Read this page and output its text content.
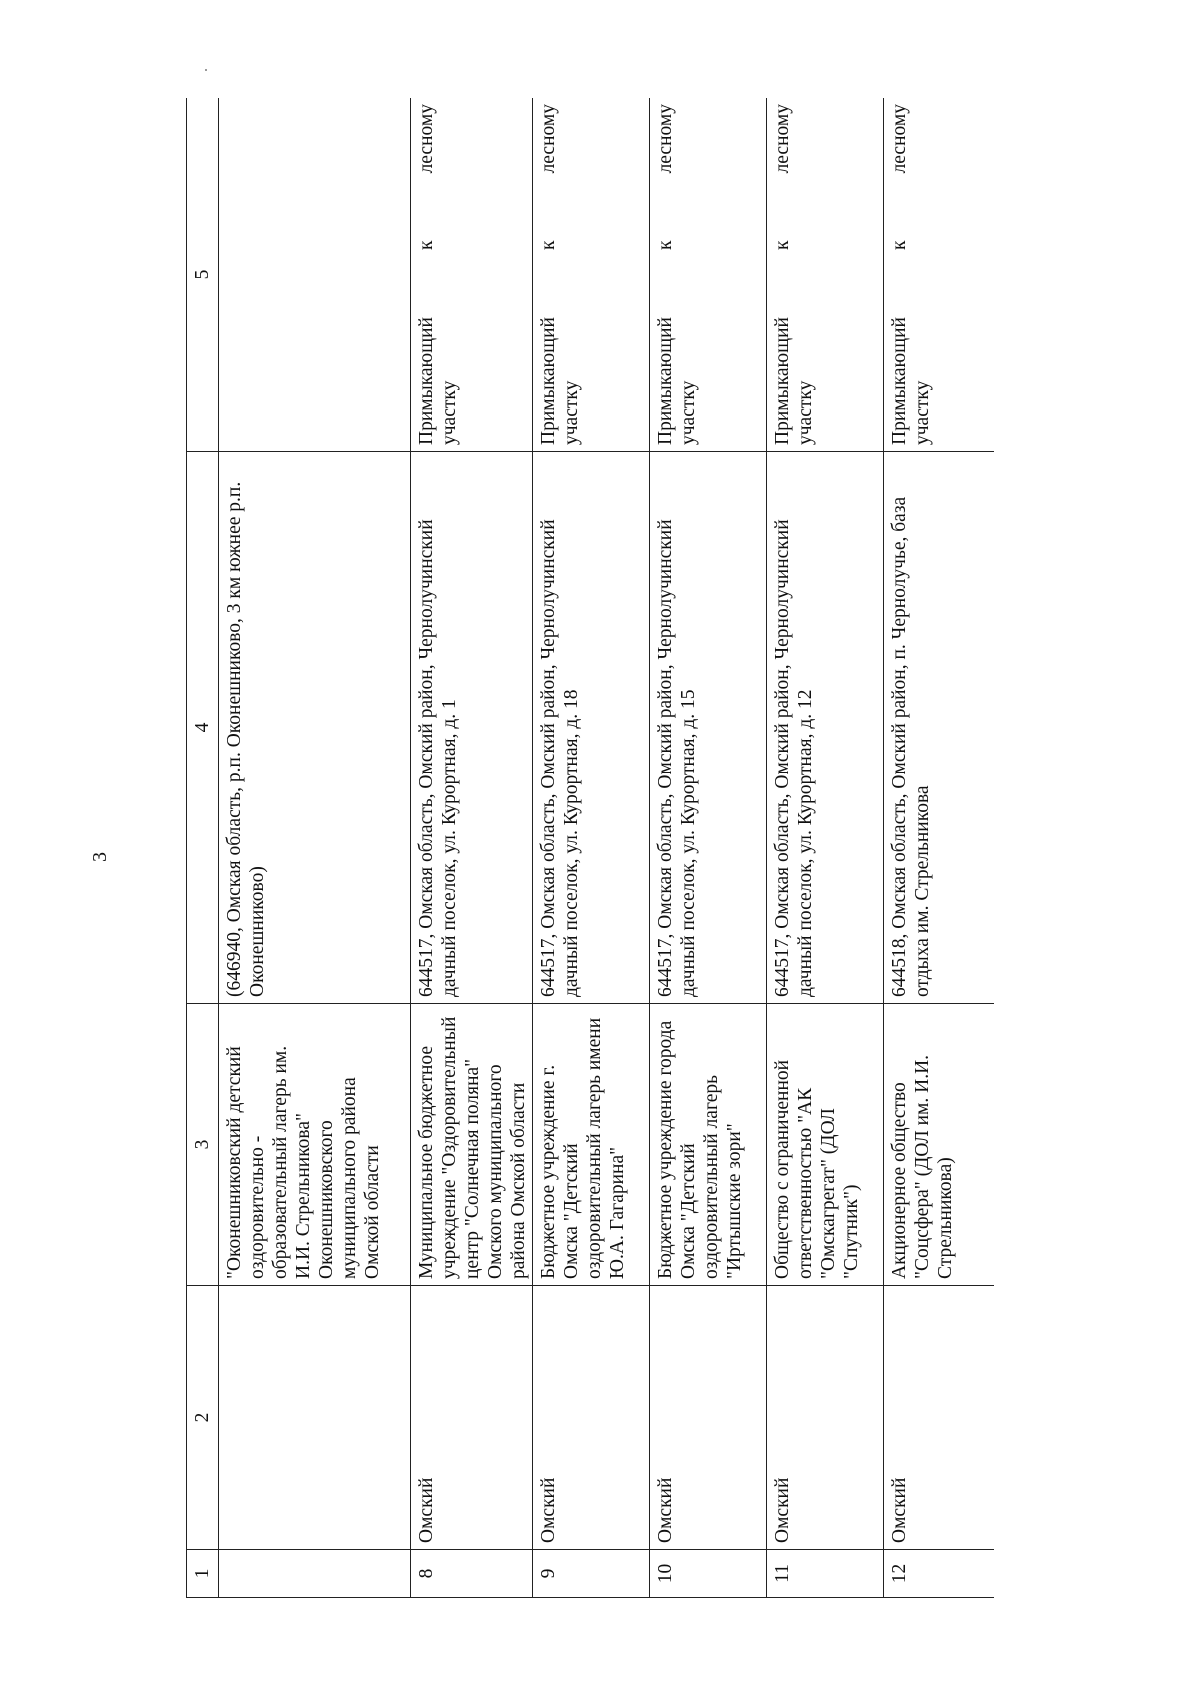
3
1	2	3	4	5
		"Оконешниковский детский оздоровительно - образовательный лагерь им. И.И. Стрельникова" Оконешниковского муниципального района Омской области	(646940, Омская область, р.п. Оконешниково, 3 км южнее р.п. Оконешниково)	

8	Омский	Муниципальное бюджетное учреждение "Оздоровительный центр "Солнечная поляна" Омского муниципального района Омской области	644517, Омская область, Омский район, Чернолучинский дачный поселок, ул. Курортная, д. 1	Примыкающий к лесному участку
9	Омский	Бюджетное учреждение г. Омска "Детский оздоровительный лагерь имени Ю.А. Гагарина"	644517, Омская область, Омский район, Чернолучинский дачный поселок, ул. Курортная, д. 18	Примыкающий к лесному участку
10	Омский	Бюджетное учреждение города Омска "Детский оздоровительный лагерь "Иртышские зори"	644517, Омская область, Омский район, Чернолучинский дачный поселок, ул. Курортная, д. 15	Примыкающий к лесному участку
11	Омский	Общество с ограниченной ответственностью "АК "Омскагрегат" (ДОЛ "Спутник")	644517, Омская область, Омский район, Чернолучинский дачный поселок, ул. Курортная, д. 12	Примыкающий к лесному участку
12	Омский	Акционерное общество "Соцсфера" (ДОЛ им. И.И. Стрельникова)	644518, Омская область, Омский район, п. Чернолучье, база отдыха им. Стрельникова	Примыкающий к лесному участку
